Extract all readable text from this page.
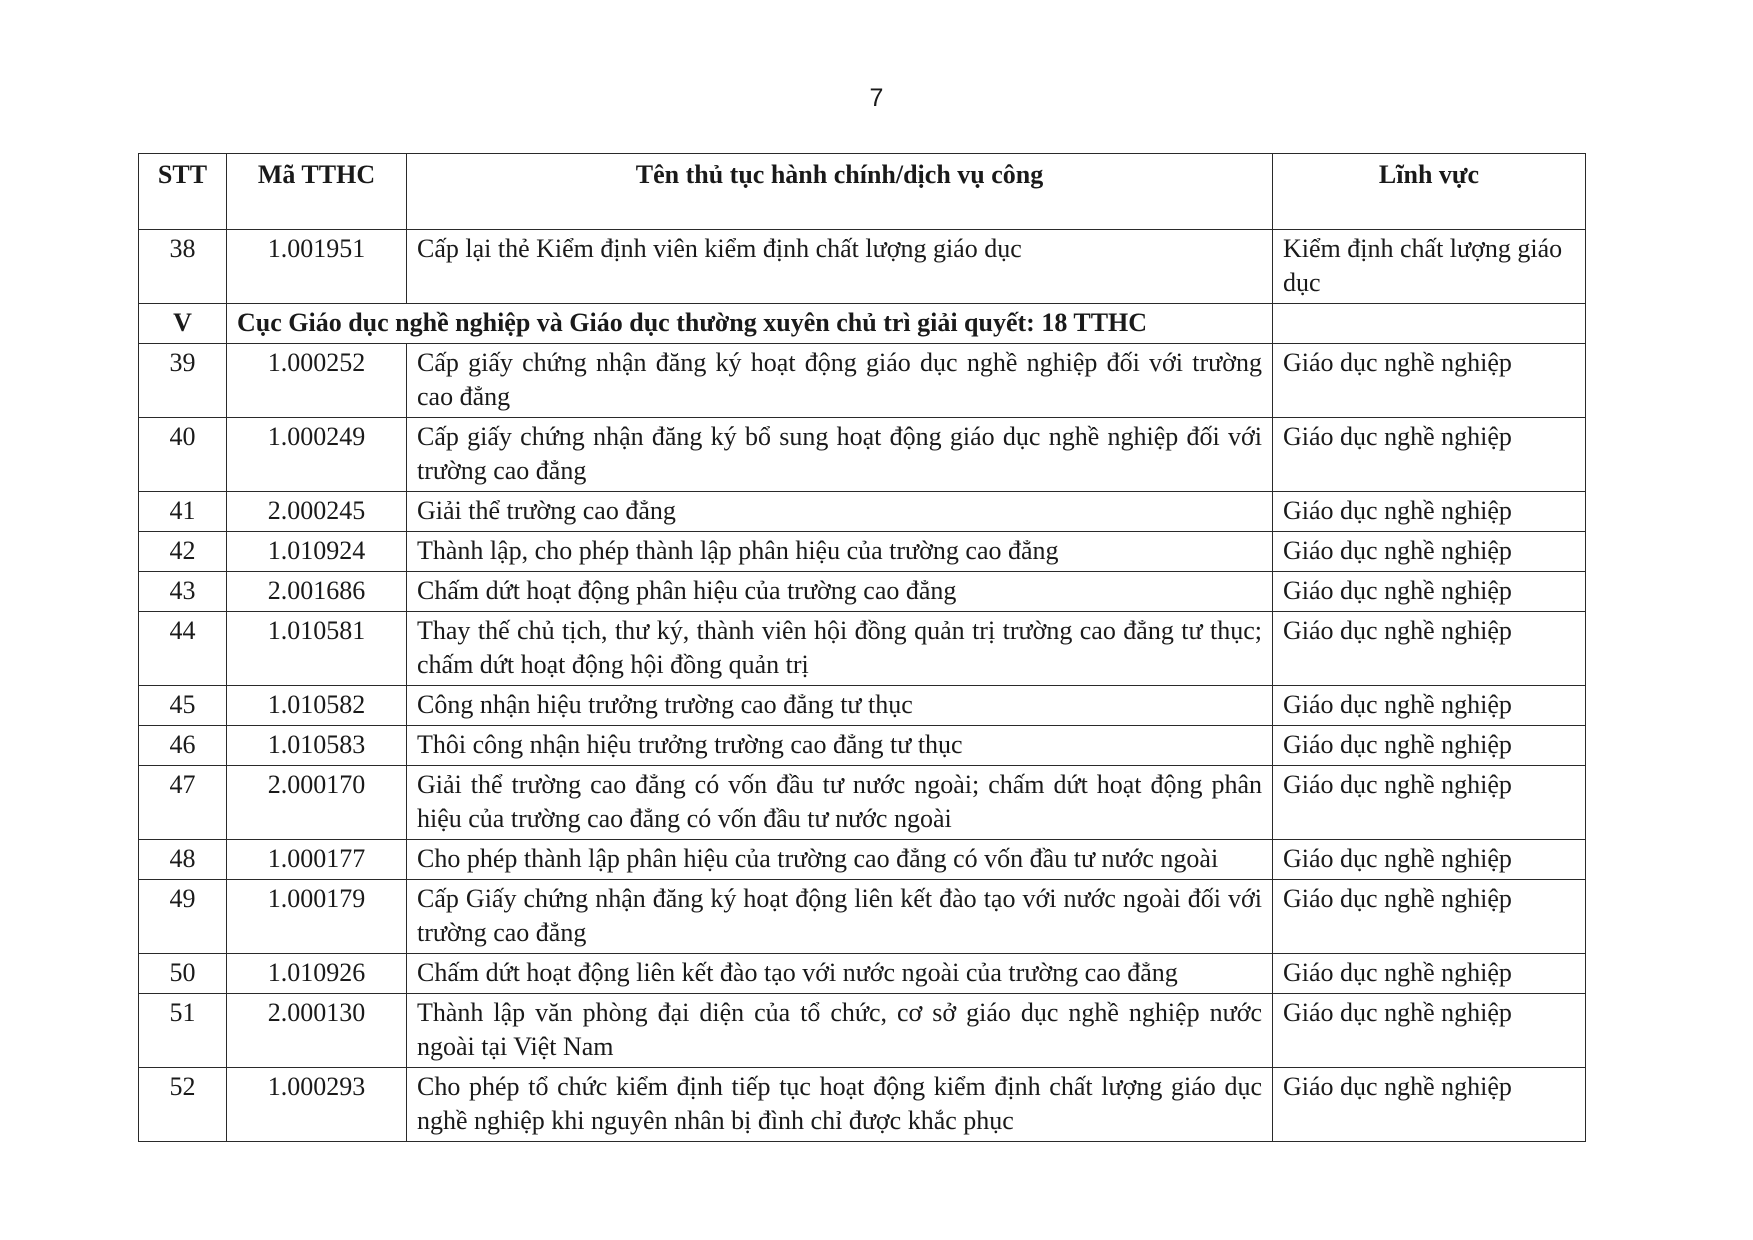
7
STT	Mã TTHC	Tên thủ tục hành chính/dịch vụ công	Lĩnh vực
38	1.001951	Cấp lại thẻ Kiểm định viên kiểm định chất lượng giáo dục	Kiểm định chất lượng giáo dục
V	Cục Giáo dục nghề nghiệp và Giáo dục thường xuyên chủ trì giải quyết: 18 TTHC		
39	1.000252	Cấp giấy chứng nhận đăng ký hoạt động giáo dục nghề nghiệp đối với trường cao đẳng	Giáo dục nghề nghiệp
40	1.000249	Cấp giấy chứng nhận đăng ký bổ sung hoạt động giáo dục nghề nghiệp đối với trường cao đẳng	Giáo dục nghề nghiệp
41	2.000245	Giải thể trường cao đẳng	Giáo dục nghề nghiệp
42	1.010924	Thành lập, cho phép thành lập phân hiệu của trường cao đẳng	Giáo dục nghề nghiệp
43	2.001686	Chấm dứt hoạt động phân hiệu của trường cao đẳng	Giáo dục nghề nghiệp
44	1.010581	Thay thế chủ tịch, thư ký, thành viên hội đồng quản trị trường cao đẳng tư thục; chấm dứt hoạt động hội đồng quản trị	Giáo dục nghề nghiệp
45	1.010582	Công nhận hiệu trưởng trường cao đẳng tư thục	Giáo dục nghề nghiệp
46	1.010583	Thôi công nhận hiệu trưởng trường cao đẳng tư thục	Giáo dục nghề nghiệp
47	2.000170	Giải thể trường cao đẳng có vốn đầu tư nước ngoài; chấm dứt hoạt động phân hiệu của trường cao đẳng có vốn đầu tư nước ngoài	Giáo dục nghề nghiệp
48	1.000177	Cho phép thành lập phân hiệu của trường cao đẳng có vốn đầu tư nước ngoài	Giáo dục nghề nghiệp
49	1.000179	Cấp Giấy chứng nhận đăng ký hoạt động liên kết đào tạo với nước ngoài đối với trường cao đẳng	Giáo dục nghề nghiệp
50	1.010926	Chấm dứt hoạt động liên kết đào tạo với nước ngoài của trường cao đẳng	Giáo dục nghề nghiệp
51	2.000130	Thành lập văn phòng đại diện của tổ chức, cơ sở giáo dục nghề nghiệp nước ngoài tại Việt Nam	Giáo dục nghề nghiệp
52	1.000293	Cho phép tổ chức kiểm định tiếp tục hoạt động kiểm định chất lượng giáo dục nghề nghiệp khi nguyên nhân bị đình chỉ được khắc phục	Giáo dục nghề nghiệp
